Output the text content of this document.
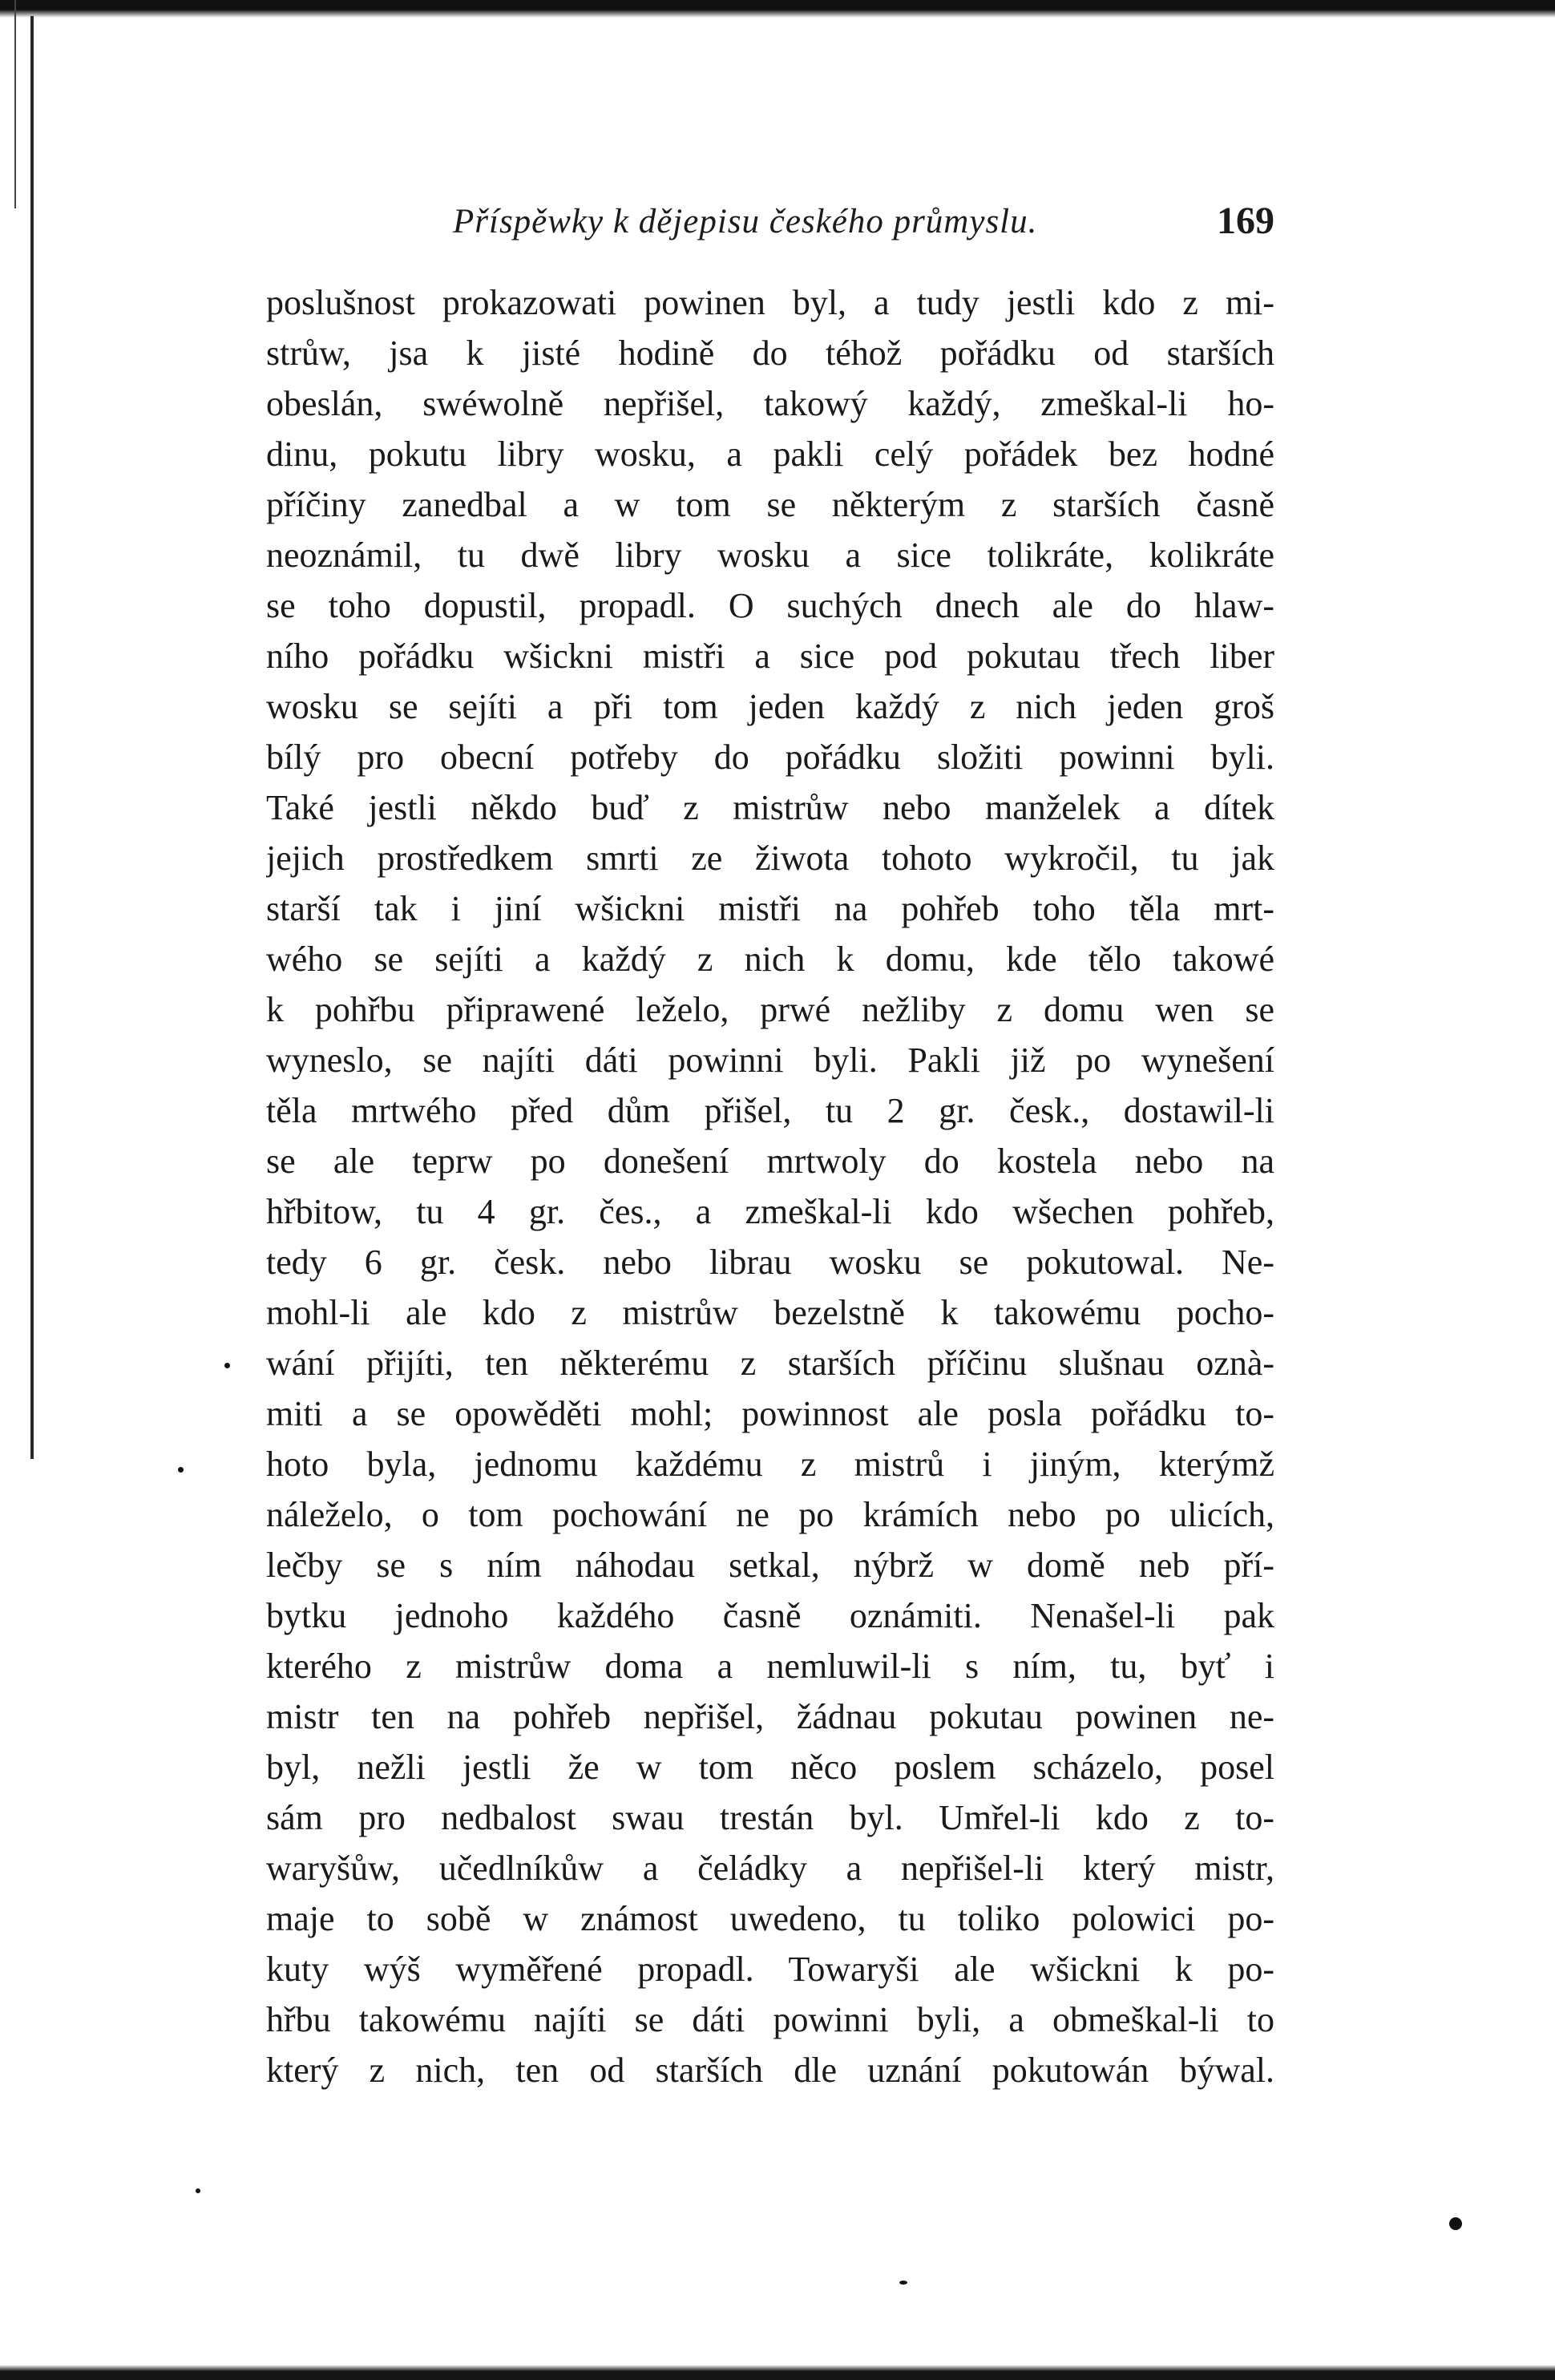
Příspěwky k dějepisu českého průmyslu.	169
poslušnost prokazowati powinen byl, a tudy jestli kdo z mi-
strůw, jsa k jisté hodině do téhož pořádku od starších
obeslán, swéwolně nepřišel, takowý každý, zmeškal-li ho-
dinu, pokutu libry wosku, a pakli celý pořádek bez hodné
příčiny zanedbal a w tom se některým z starších časně
neoznámil, tu dwě libry wosku a sice tolikráte, kolikráte
se toho dopustil, propadl. O suchých dnech ale do hlaw-
ního pořádku wšickni mistři a sice pod pokutau třech liber
wosku se sejíti a při tom jeden každý z nich jeden groš
bílý pro obecní potřeby do pořádku složiti powinni byli.
Také jestli někdo buď z mistrůw nebo manželek a dítek
jejich prostředkem smrti ze žiwota tohoto wykročil, tu jak
starší tak i jiní wšickni mistři na pohřeb toho těla mrt-
wého se sejíti a každý z nich k domu, kde tělo takowé
k pohřbu připrawené leželo, prwé nežliby z domu wen se
wyneslo, se najíti dáti powinni byli. Pakli již po wynešení
těla mrtwého před dům přišel, tu 2 gr. česk., dostawil-li
se ale teprw po donešení mrtwoly do kostela nebo na
hřbitow, tu 4 gr. čes., a zmeškal-li kdo wšechen pohřeb,
tedy 6 gr. česk. nebo librau wosku se pokutowal. Ne-
mohl-li ale kdo z mistrůw bezelstně k takowému pocho-
wání přijíti, ten některému z starších příčinu slušnau oznà-
miti a se opowěděti mohl; powinnost ale posla pořádku to-
hoto byla, jednomu každému z mistrů i jiným, kterýmž
náleželo, o tom pochowání ne po krámích nebo po ulicích,
lečby se s ním náhodau setkal, nýbrž w domě neb pří-
bytku jednoho každého časně oznámiti. Nenašel-li pak
kterého z mistrůw doma a nemluwil-li s ním, tu, byť i
mistr ten na pohřeb nepřišel, žádnau pokutau powinen ne-
byl, nežli jestli že w tom něco poslem scházelo, posel
sám pro nedbalost swau trestán byl. Umřel-li kdo z to-
waryšůw, učedlníkůw a čeládky a nepřišel-li který mistr,
maje to sobě w známost uwedeno, tu toliko polowici po-
kuty wýš wyměřené propadl. Towaryši ale wšickni k po-
hřbu takowému najíti se dáti powinni byli, a obmeškal-li to
který z nich, ten od starších dle uznání pokutowán býwal.
